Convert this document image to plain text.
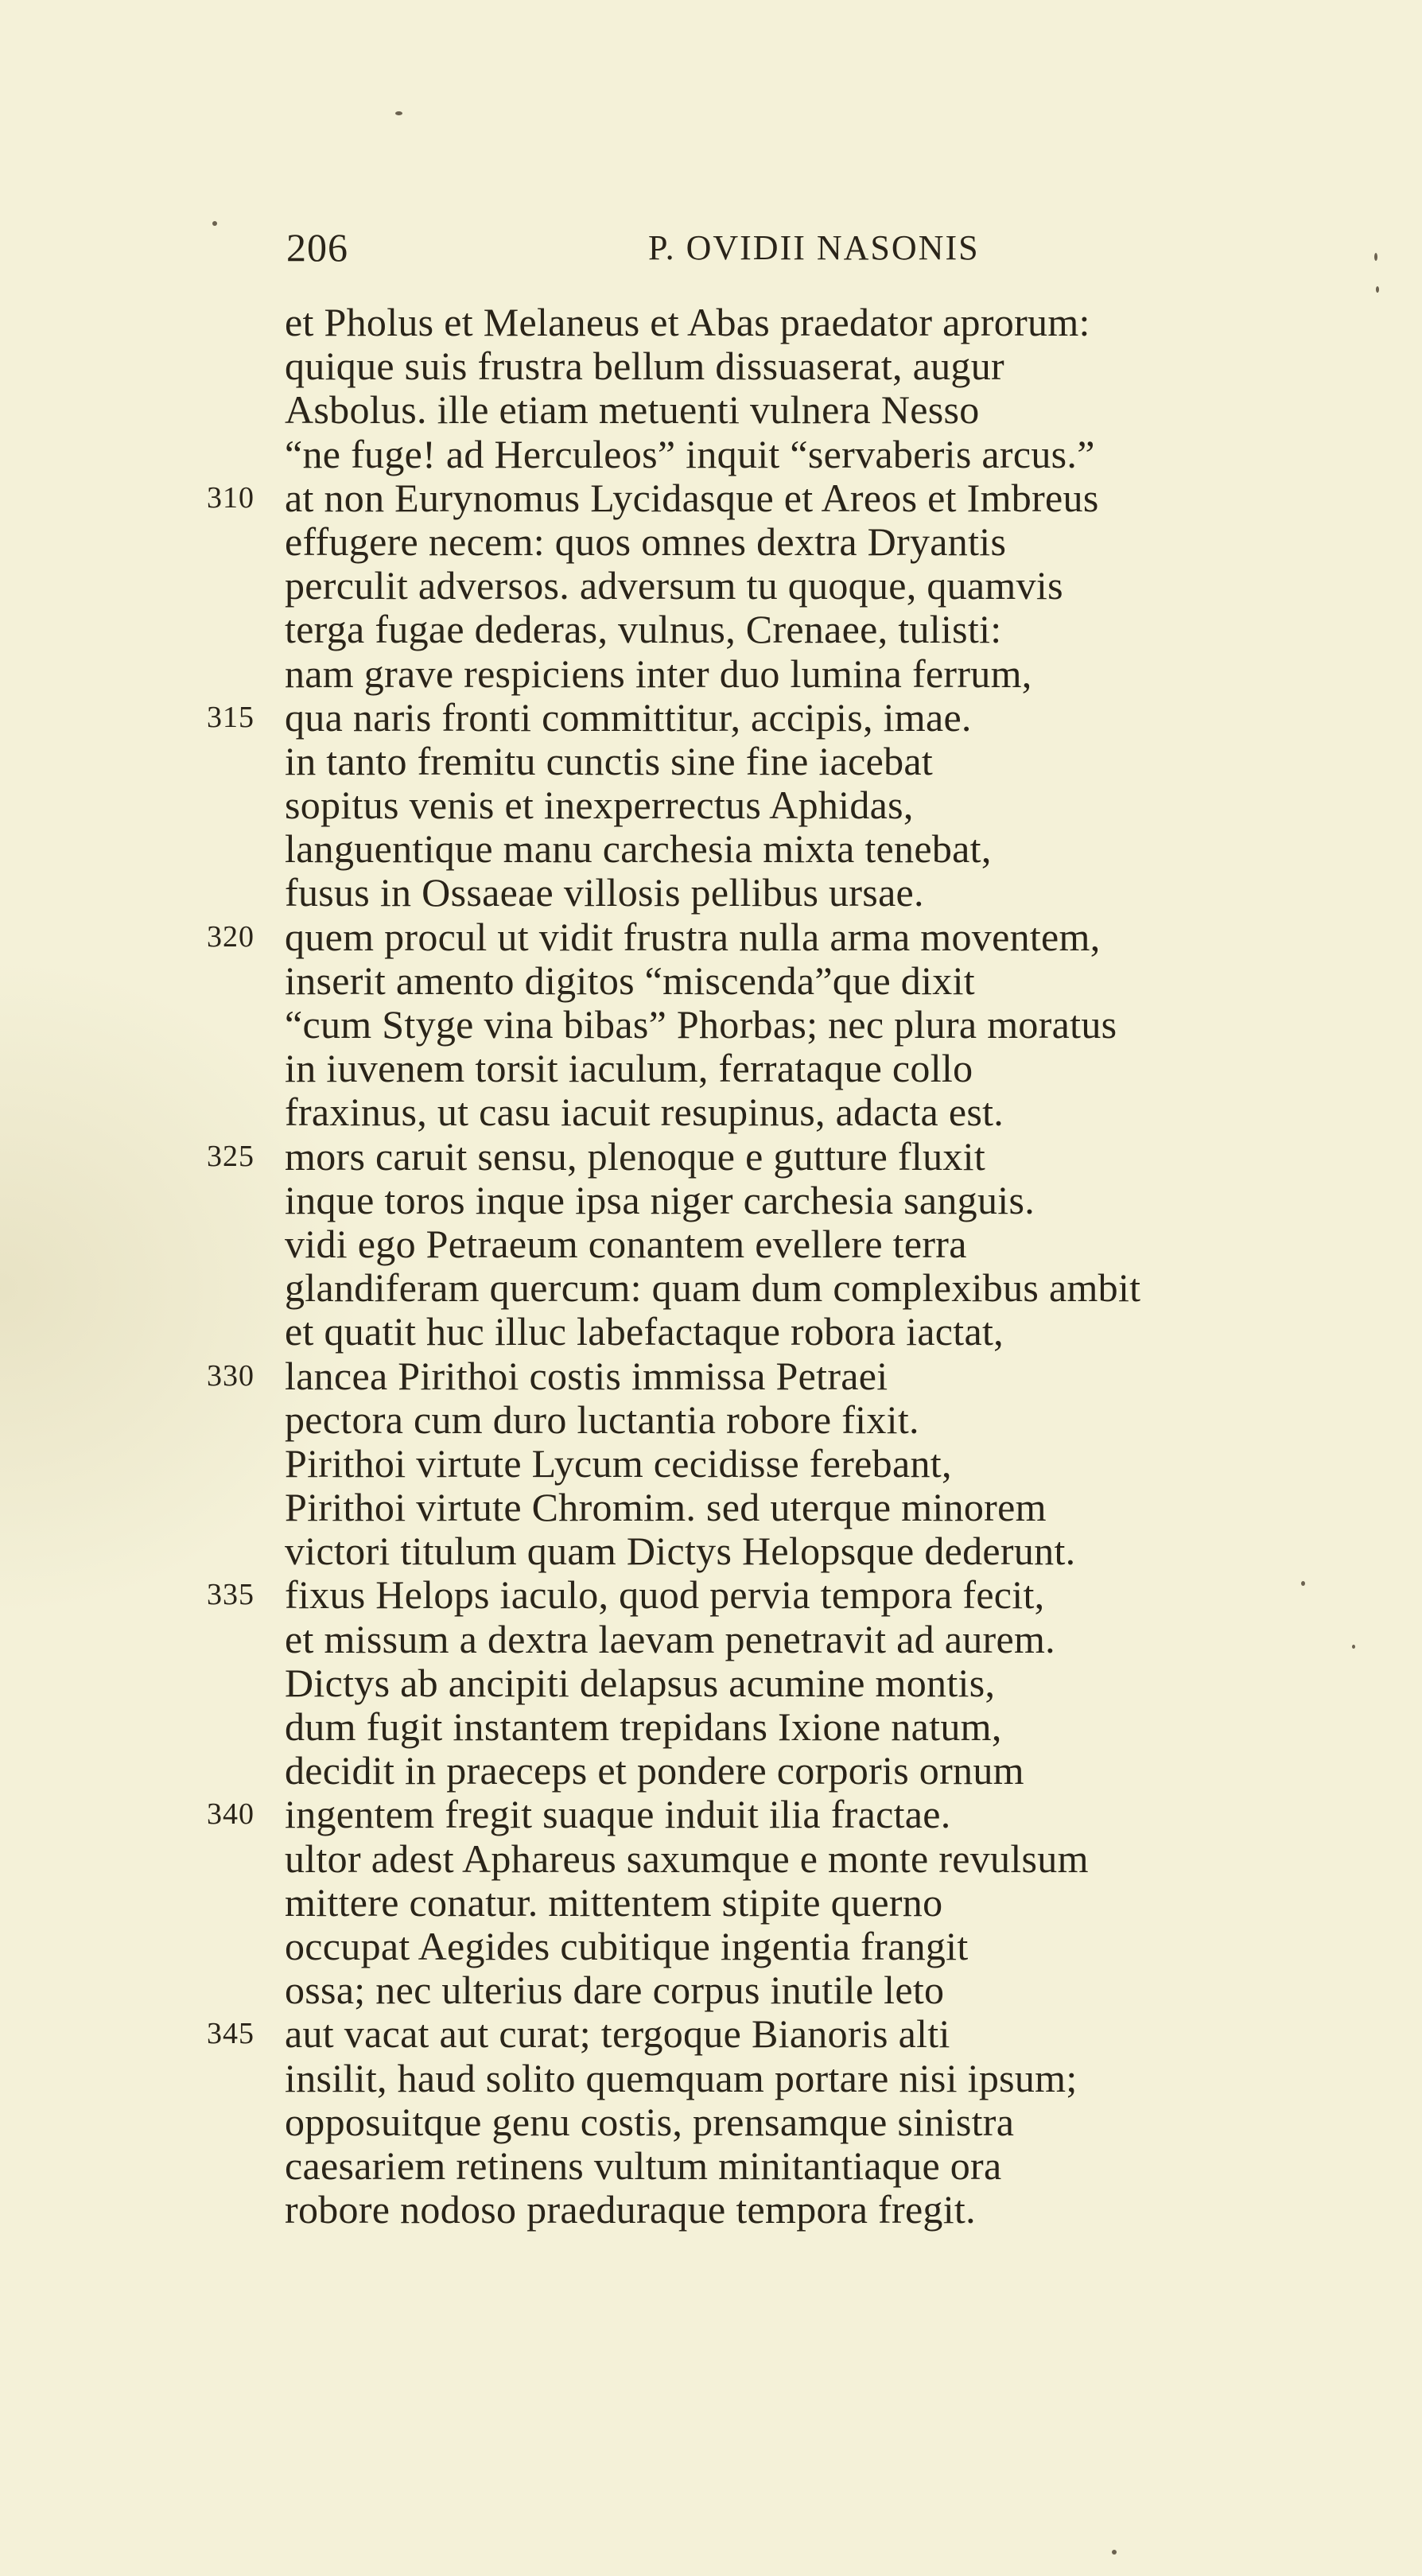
206	P. OVIDII NASONIS
et Pholus et Melaneus et Abas praedator aprorum:
quique suis frustra bellum dissuaserat, augur
Asbolus. ille etiam metuenti vulnera Nesso
“ne fuge! ad Herculeos” inquit “servaberis arcus.”
310 at non Eurynomus Lycidasque et Areos et Imbreus
effugere necem: quos omnes dextra Dryantis
perculit adversos. adversum tu quoque, quamvis
terga fugae dederas, vulnus, Crenaee, tulisti:
nam grave respiciens inter duo lumina ferrum,
315 qua naris fronti committitur, accipis, imae.
in tanto fremitu cunctis sine fine iacebat
sopitus venis et inexperrectus Aphidas,
languentique manu carchesia mixta tenebat,
fusus in Ossaeae villosis pellibus ursae.
320 quem procul ut vidit frustra nulla arma moventem,
inserit amento digitos “miscenda”que dixit
“cum Styge vina bibas” Phorbas; nec plura moratus
in iuvenem torsit iaculum, ferrataque collo
fraxinus, ut casu iacuit resupinus, adacta est.
325 mors caruit sensu, plenoque e gutture fluxit
inque toros inque ipsa niger carchesia sanguis.
vidi ego Petraeum conantem evellere terra
glandiferam quercum: quam dum complexibus ambit
et quatit huc illuc labefactaque robora iactat,
330 lancea Pirithoi costis immissa Petraei
pectora cum duro luctantia robore fixit.
Pirithoi virtute Lycum cecidisse ferebant,
Pirithoi virtute Chromim. sed uterque minorem
victori titulum quam Dictys Helopsque dederunt.
335 fixus Helops iaculo, quod pervia tempora fecit,
et missum a dextra laevam penetravit ad aurem.
Dictys ab ancipiti delapsus acumine montis,
dum fugit instantem trepidans Ixione natum,
decidit in praeceps et pondere corporis ornum
340 ingentem fregit suaque induit ilia fractae.
ultor adest Aphareus saxumque e monte revulsum
mittere conatur. mittentem stipite querno
occupat Aegides cubitique ingentia frangit
ossa; nec ulterius dare corpus inutile leto
345 aut vacat aut curat; tergoque Bianoris alti
insilit, haud solito quemquam portare nisi ipsum;
opposuitque genu costis, prensamque sinistra
caesariem retinens vultum minitantiaque ora
robore nodoso praeduraque tempora fregit.
